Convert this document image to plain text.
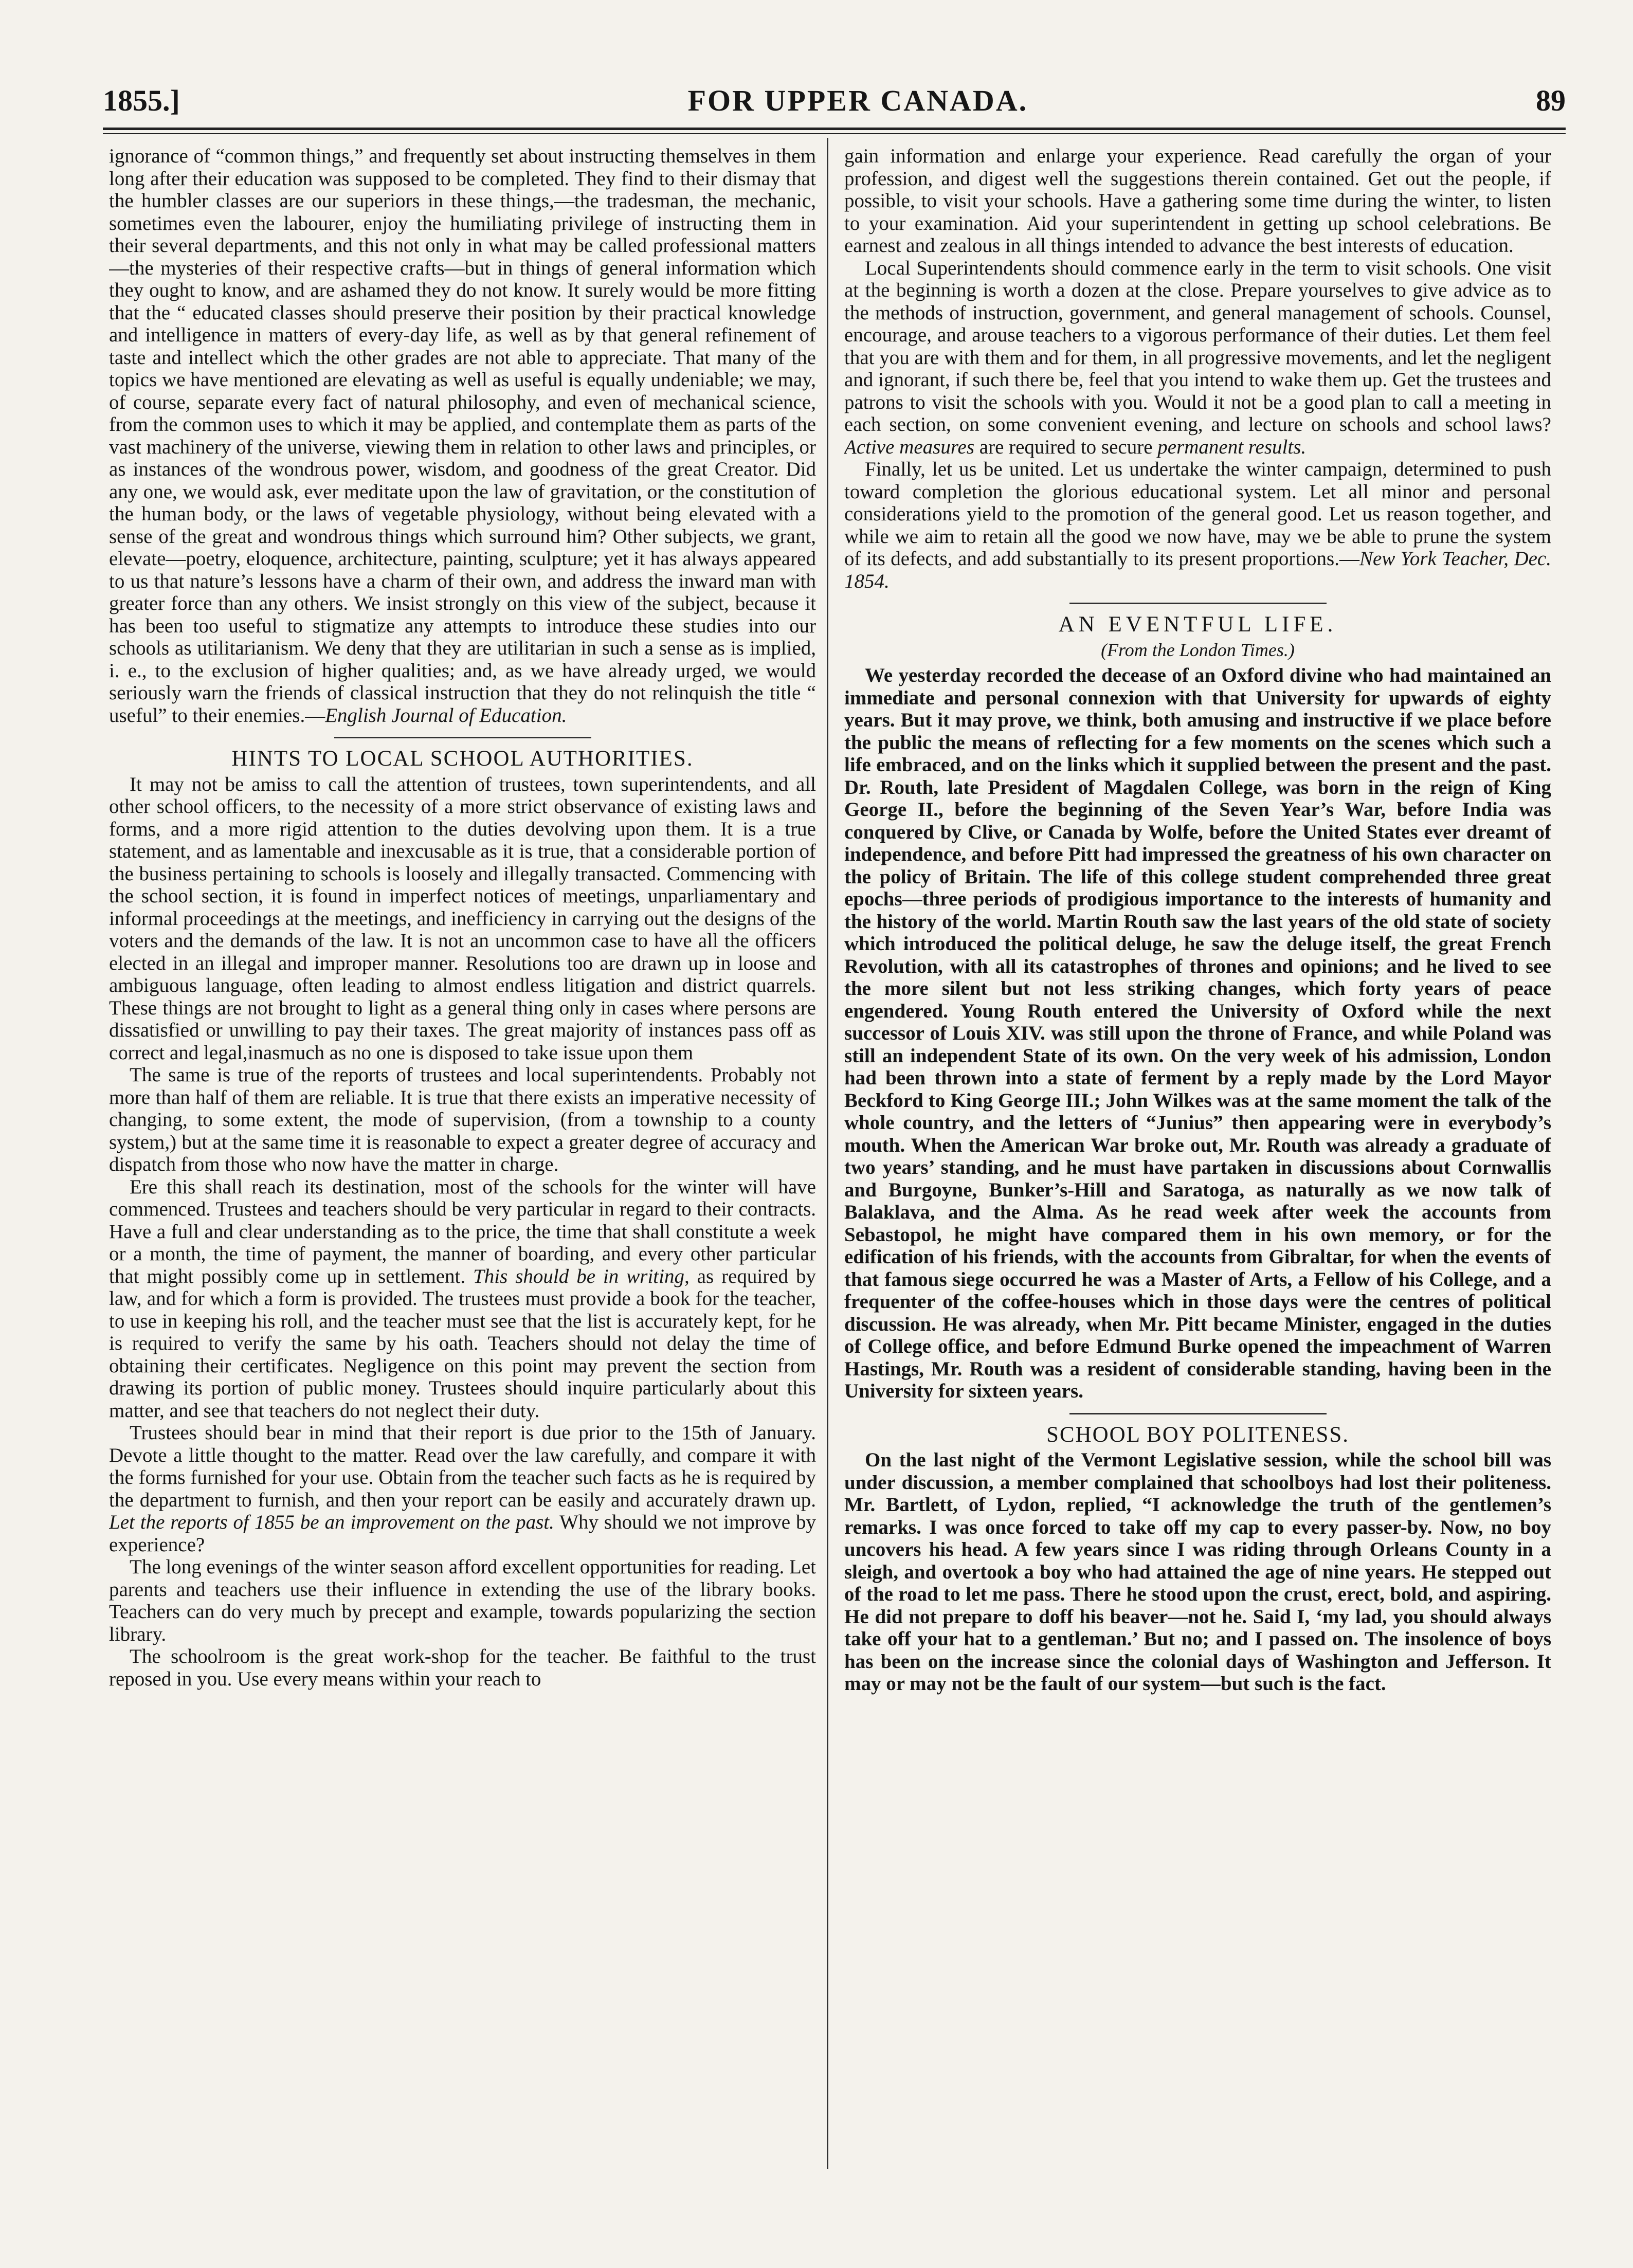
1855.]	FOR UPPER CANADA.	89

ignorance of “common things,” and frequently set about instructing themselves in them long after their education was supposed to be completed. They find to their dismay that the humbler classes are our superiors in these things,—the tradesman, the mechanic, sometimes even the labourer, enjoy the humiliating privilege of instructing them in their several departments, and this not only in what may be called professional matters—the mysteries of their respective crafts—but in things of general information which they ought to know, and are ashamed they do not know. It surely would be more fitting that the “ educated classes should preserve their position by their practical knowledge and intelligence in matters of every-day life, as well as by that general refinement of taste and intellect which the other grades are not able to appreciate. That many of the topics we have mentioned are elevating as well as useful is equally undeniable; we may, of course, separate every fact of natural philosophy, and even of mechanical science, from the common uses to which it may be applied, and contemplate them as parts of the vast machinery of the universe, viewing them in relation to other laws and principles, or as instances of the wondrous power, wisdom, and goodness of the great Creator. Did any one, we would ask, ever meditate upon the law of gravitation, or the constitution of the human body, or the laws of vegetable physiology, without being elevated with a sense of the great and wondrous things which surround him? Other subjects, we grant, elevate—poetry, eloquence, architecture, painting, sculpture; yet it has always appeared to us that nature’s lessons have a charm of their own, and address the inward man with greater force than any others. We insist strongly on this view of the subject, because it has been too useful to stigmatize any attempts to introduce these studies into our schools as utilitarianism. We deny that they are utilitarian in such a sense as is implied, i. e., to the exclusion of higher qualities; and, as we have already urged, we would seriously warn the friends of classical instruction that they do not relinquish the title “ useful” to their enemies.—English Journal of Education.

HINTS TO LOCAL SCHOOL AUTHORITIES.

It may not be amiss to call the attention of trustees, town superintendents, and all other school officers, to the necessity of a more strict observance of existing laws and forms, and a more rigid attention to the duties devolving upon them. It is a true statement, and as lamentable and inexcusable as it is true, that a considerable portion of the business pertaining to schools is loosely and illegally transacted. Commencing with the school section, it is found in imperfect notices of meetings, unparliamentary and informal proceedings at the meetings, and inefficiency in carrying out the designs of the voters and the demands of the law. It is not an uncommon case to have all the officers elected in an illegal and improper manner. Resolutions too are drawn up in loose and ambiguous language, often leading to almost endless litigation and district quarrels. These things are not brought to light as a general thing only in cases where persons are dissatisfied or unwilling to pay their taxes. The great majority of instances pass off as correct and legal,inasmuch as no one is disposed to take issue upon them

The same is true of the reports of trustees and local superintendents. Probably not more than half of them are reliable. It is true that there exists an imperative necessity of changing, to some extent, the mode of supervision, (from a township to a county system,) but at the same time it is reasonable to expect a greater degree of accuracy and dispatch from those who now have the matter in charge.

Ere this shall reach its destination, most of the schools for the winter will have commenced. Trustees and teachers should be very particular in regard to their contracts. Have a full and clear understanding as to the price, the time that shall constitute a week or a month, the time of payment, the manner of boarding, and every other particular that might possibly come up in settlement. This should be in writing, as required by law, and for which a form is provided. The trustees must provide a book for the teacher, to use in keeping his roll, and the teacher must see that the list is accurately kept, for he is required to verify the same by his oath. Teachers should not delay the time of obtaining their certificates. Negligence on this point may prevent the section from drawing its portion of public money. Trustees should inquire particularly about this matter, and see that teachers do not neglect their duty.

Trustees should bear in mind that their report is due prior to the 15th of January. Devote a little thought to the matter. Read over the law carefully, and compare it with the forms furnished for your use. Obtain from the teacher such facts as he is required by the department to furnish, and then your report can be easily and accurately drawn up. Let the reports of 1855 be an improvement on the past. Why should we not improve by experience?

The long evenings of the winter season afford excellent opportunities for reading. Let parents and teachers use their influence in extending the use of the library books. Teachers can do very much by precept and example, towards popularizing the section library.

The schoolroom is the great work-shop for the teacher. Be faithful to the trust reposed in you. Use every means within your reach to

gain information and enlarge your experience. Read carefully the organ of your profession, and digest well the suggestions therein contained. Get out the people, if possible, to visit your schools. Have a gathering some time during the winter, to listen to your examination. Aid your superintendent in getting up school celebrations. Be earnest and zealous in all things intended to advance the best interests of education.

Local Superintendents should commence early in the term to visit schools. One visit at the beginning is worth a dozen at the close. Prepare yourselves to give advice as to the methods of instruction, government, and general management of schools. Counsel, encourage, and arouse teachers to a vigorous performance of their duties. Let them feel that you are with them and for them, in all progressive movements, and let the negligent and ignorant, if such there be, feel that you intend to wake them up. Get the trustees and patrons to visit the schools with you. Would it not be a good plan to call a meeting in each section, on some convenient evening, and lecture on schools and school laws? Active measures are required to secure permanent results.

Finally, let us be united. Let us undertake the winter campaign, determined to push toward completion the glorious educational system. Let all minor and personal considerations yield to the promotion of the general good. Let us reason together, and while we aim to retain all the good we now have, may we be able to prune the system of its defects, and add substantially to its present proportions.—New York Teacher, Dec. 1854.

AN EVENTFUL LIFE.
(From the London Times.)

We yesterday recorded the decease of an Oxford divine who had maintained an immediate and personal connexion with that University for upwards of eighty years. But it may prove, we think, both amusing and instructive if we place before the public the means of reflecting for a few moments on the scenes which such a life embraced, and on the links which it supplied between the present and the past. Dr. Routh, late President of Magdalen College, was born in the reign of King George II., before the beginning of the Seven Year’s War, before India was conquered by Clive, or Canada by Wolfe, before the United States ever dreamt of independence, and before Pitt had impressed the greatness of his own character on the policy of Britain. The life of this college student comprehended three great epochs—three periods of prodigious importance to the interests of humanity and the history of the world. Martin Routh saw the last years of the old state of society which introduced the political deluge, he saw the deluge itself, the great French Revolution, with all its catastrophes of thrones and opinions; and he lived to see the more silent but not less striking changes, which forty years of peace engendered. Young Routh entered the University of Oxford while the next successor of Louis XIV. was still upon the throne of France, and while Poland was still an independent State of its own. On the very week of his admission, London had been thrown into a state of ferment by a reply made by the Lord Mayor Beckford to King George III.; John Wilkes was at the same moment the talk of the whole country, and the letters of “Junius” then appearing were in everybody’s mouth. When the American War broke out, Mr. Routh was already a graduate of two years’ standing, and he must have partaken in discussions about Cornwallis and Burgoyne, Bunker’s-Hill and Saratoga, as naturally as we now talk of Balaklava, and the Alma. As he read week after week the accounts from Sebastopol, he might have compared them in his own memory, or for the edification of his friends, with the accounts from Gibraltar, for when the events of that famous siege occurred he was a Master of Arts, a Fellow of his College, and a frequenter of the coffee-houses which in those days were the centres of political discussion. He was already, when Mr. Pitt became Minister, engaged in the duties of College office, and before Edmund Burke opened the impeachment of Warren Hastings, Mr. Routh was a resident of considerable standing, having been in the University for sixteen years.

SCHOOL BOY POLITENESS.

On the last night of the Vermont Legislative session, while the school bill was under discussion, a member complained that schoolboys had lost their politeness. Mr. Bartlett, of Lydon, replied, “I acknowledge the truth of the gentlemen’s remarks. I was once forced to take off my cap to every passer-by. Now, no boy uncovers his head. A few years since I was riding through Orleans County in a sleigh, and overtook a boy who had attained the age of nine years. He stepped out of the road to let me pass. There he stood upon the crust, erect, bold, and aspiring. He did not prepare to doff his beaver—not he. Said I, ‘my lad, you should always take off your hat to a gentleman.’ But no; and I passed on. The insolence of boys has been on the increase since the colonial days of Washington and Jefferson. It may or may not be the fault of our system—but such is the fact.
